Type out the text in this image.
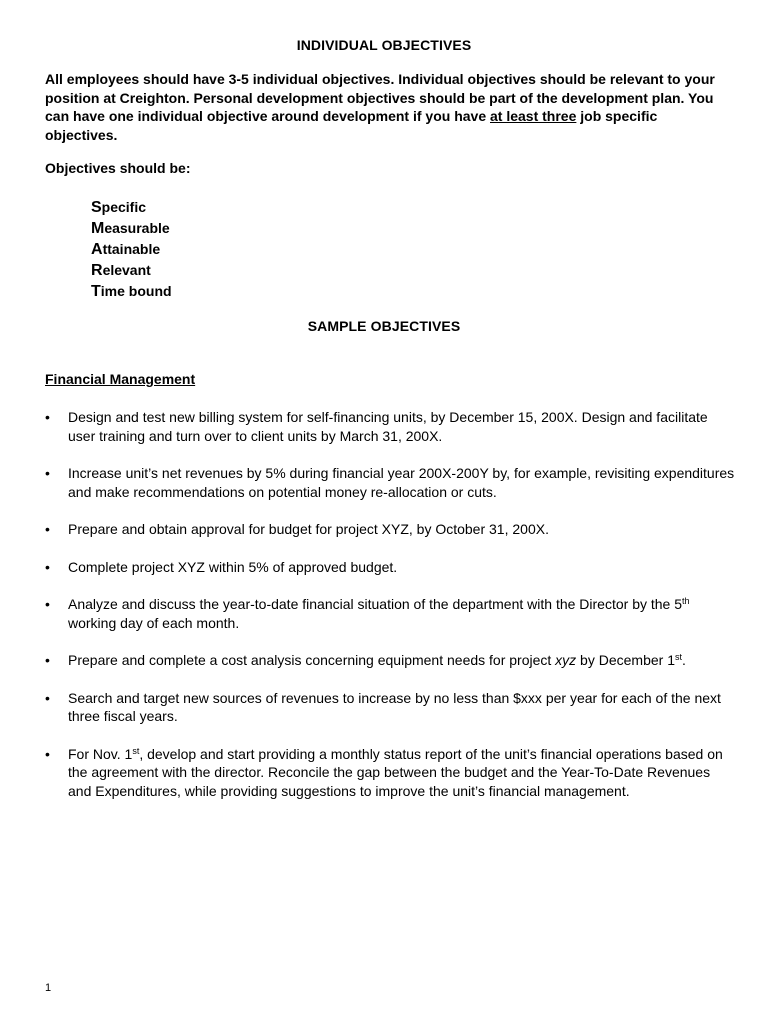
INDIVIDUAL OBJECTIVES

All employees should have 3-5 individual objectives. Individual objectives should be relevant to your position at Creighton. Personal development objectives should be part of the development plan. You can have one individual objective around development if you have at least three job specific objectives.

Objectives should be:
Specific
Measurable
Attainable
Relevant
Time bound
SAMPLE OBJECTIVES
Financial Management
• Design and test new billing system for self-financing units, by December 15, 200X. Design and facilitate user training and turn over to client units by March 31, 200X.
• Increase unit’s net revenues by 5% during financial year 200X-200Y by, for example, revisiting expenditures and make recommendations on potential money re-allocation or cuts.
• Prepare and obtain approval for budget for project XYZ, by October 31, 200X.
• Complete project XYZ within 5% of approved budget.
• Analyze and discuss the year-to-date financial situation of the department with the Director by the 5th working day of each month.
• Prepare and complete a cost analysis concerning equipment needs for project xyz by December 1st.
• Search and target new sources of revenues to increase by no less than $xxx per year for each of the next three fiscal years.
• For Nov. 1st, develop and start providing a monthly status report of the unit’s financial operations based on the agreement with the director. Reconcile the gap between the budget and the Year-To-Date Revenues and Expenditures, while providing suggestions to improve the unit’s financial management.
1
